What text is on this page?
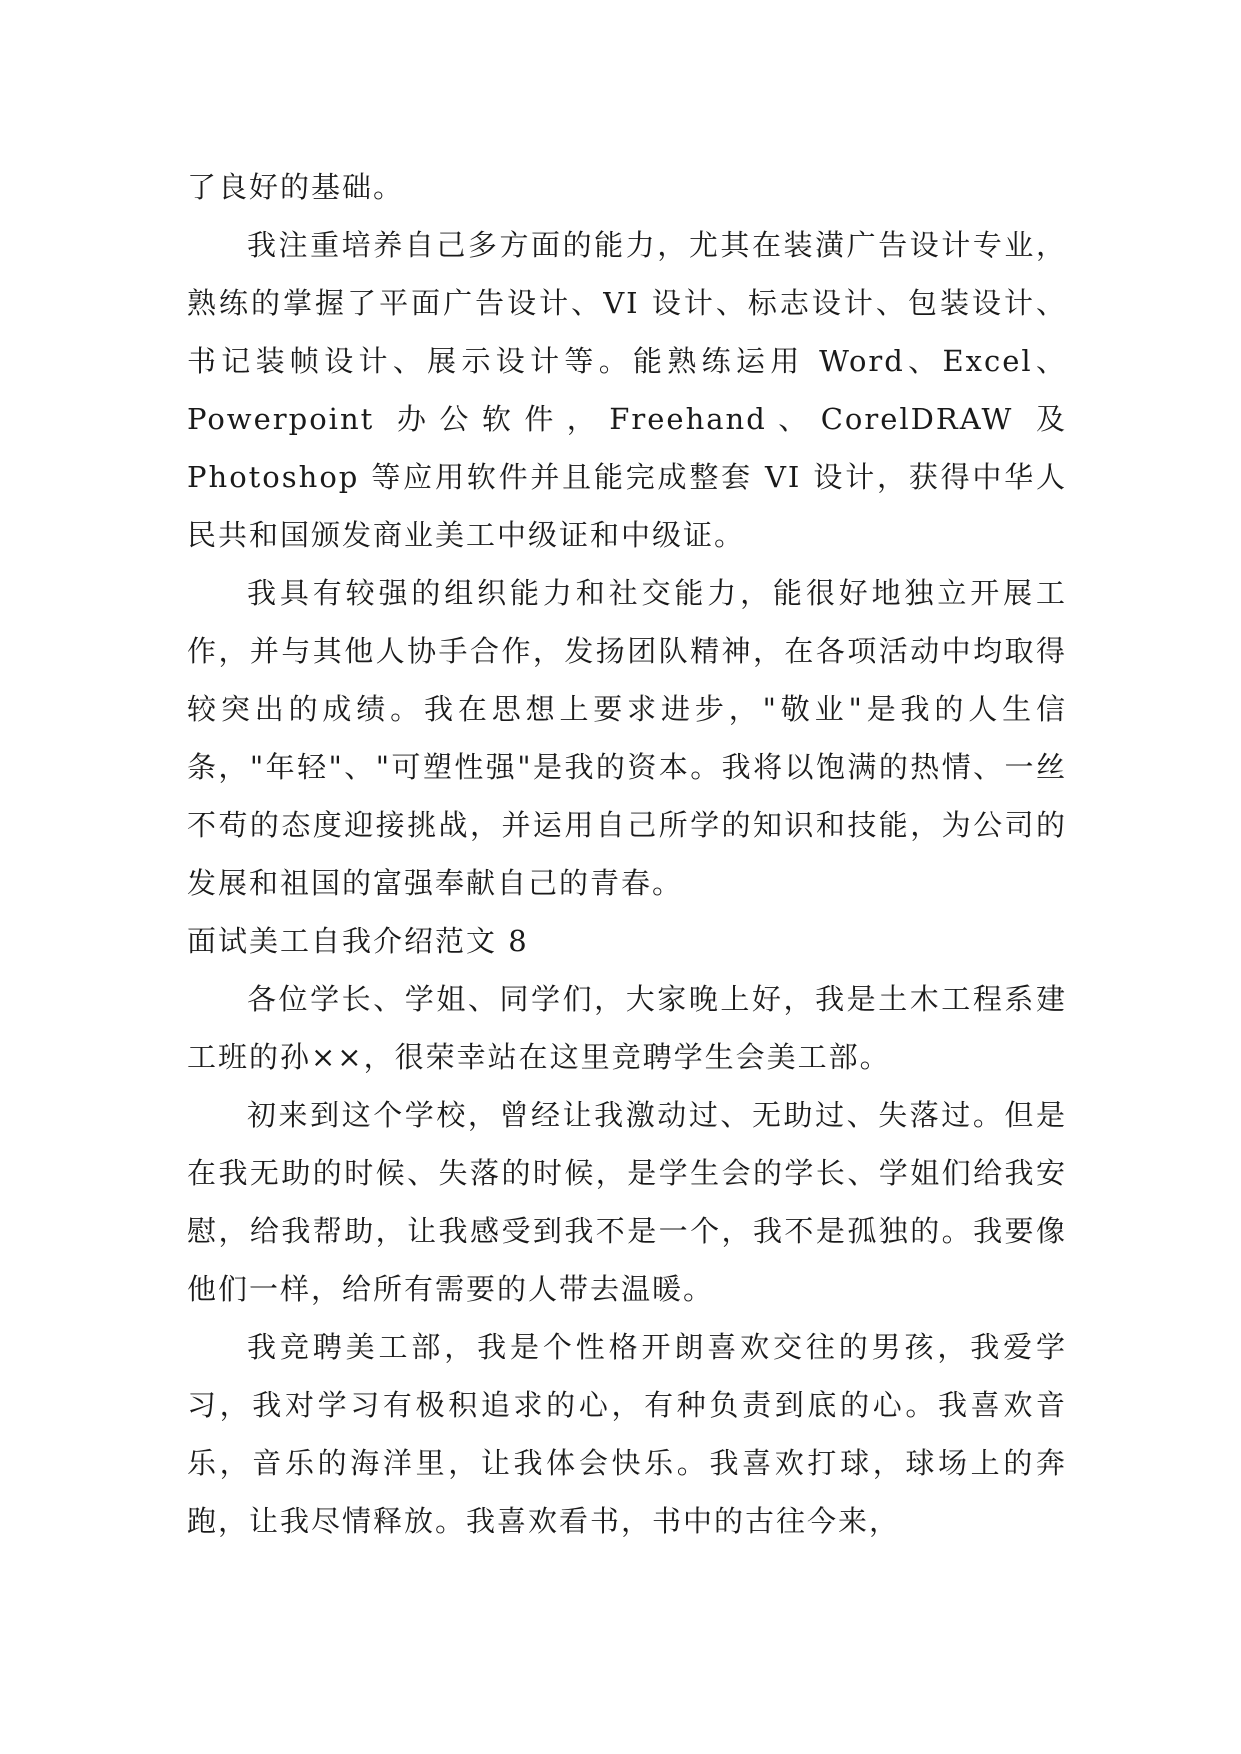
了良好的基础。

我注重培养自己多方面的能力，尤其在装潢广告设计专业，熟练的掌握了平面广告设计、VI 设计、标志设计、包装设计、书记装帧设计、展示设计等。能熟练运用 Word、Excel、Powerpoint 办公软件，Freehand、CorelDRAW 及 Photoshop 等应用软件并且能完成整套 VI 设计，获得中华人民共和国颁发商业美工中级证和中级证。

我具有较强的组织能力和社交能力，能很好地独立开展工作，并与其他人协手合作，发扬团队精神，在各项活动中均取得较突出的成绩。我在思想上要求进步，"敬业"是我的人生信条，"年轻"、"可塑性强"是我的资本。我将以饱满的热情、一丝不苟的态度迎接挑战，并运用自己所学的知识和技能，为公司的发展和祖国的富强奉献自己的青春。

面试美工自我介绍范文 8

各位学长、学姐、同学们，大家晚上好，我是土木工程系建工班的孙××，很荣幸站在这里竞聘学生会美工部。

初来到这个学校，曾经让我激动过、无助过、失落过。但是在我无助的时候、失落的时候，是学生会的学长、学姐们给我安慰，给我帮助，让我感受到我不是一个，我不是孤独的。我要像他们一样，给所有需要的人带去温暖。

我竞聘美工部，我是个性格开朗喜欢交往的男孩，我爱学习，我对学习有极积追求的心，有种负责到底的心。我喜欢音乐，音乐的海洋里，让我体会快乐。我喜欢打球，球场上的奔跑，让我尽情释放。我喜欢看书，书中的古往今来，
